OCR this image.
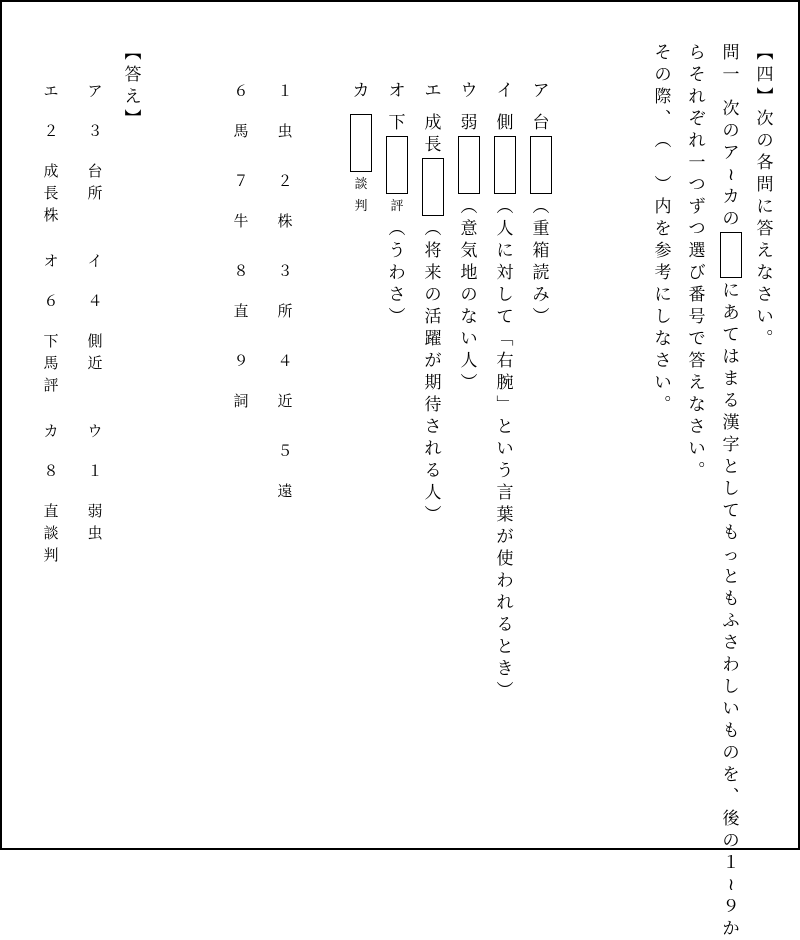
︻
四
︼
次
の
各
問
に
答
え
な
さ
い
︒
問
一
次
の
ア
≀
カ
の
に
あ
て
は
ま
る
漢
字
と
し
て
も
っ
と
も
ふ
さ
わ
し
い
も
の
を
︑
後
の
１
≀
９
か
ら
そ
れ
ぞ
れ
一
つ
ず
つ
選
び
番
号
で
答
え
な
さ
い
︒
そ
の
際
︑
︵

︶
内
を
参
考
に
し
な
さ
い
︒
ア
台
︵
重
箱
読
み
︶
イ
側
︵
人
に
対
し
て
﹁
右
腕
﹂
と
い
う
言
葉
が
使
わ
れ
る
と
き
︶
ウ
弱
︵
意
気
地
の
な
い
人
︶
エ
成
長
︵
将
来
の
活
躍
が
期
待
さ
れ
る
人
︶
オ
下
評
︵
う
わ
さ
︶
カ
談
判
１
虫
２
株
３
所
４
近
５
遠
６
馬
７
牛
８
直
９
詞
︻
答
え
︼
ア
３
台
所
イ
４
側
近
ウ
１
弱
虫
エ
２
成
長
株
オ
６
下
馬
評
カ
８
直
談
判
